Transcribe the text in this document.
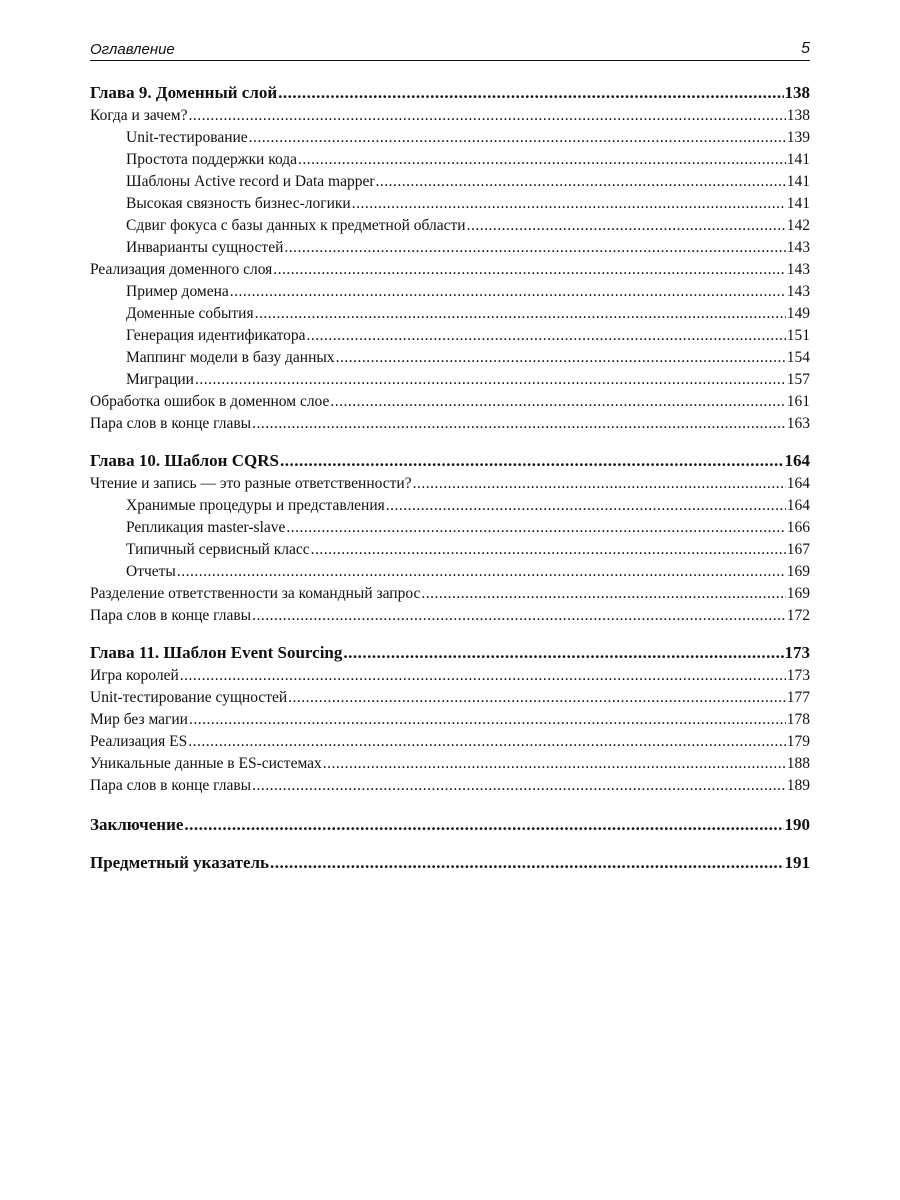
Оглавление	5
Глава 9. Доменный слой .....	138
Когда и зачем? .....	138
Unit-тестирование .....	139
Простота поддержки кода .....	141
Шаблоны Active record и Data mapper .....	141
Высокая связность бизнес-логики .....	141
Сдвиг фокуса с базы данных к предметной области .....	142
Инварианты сущностей .....	143
Реализация доменного слоя .....	143
Пример домена .....	143
Доменные события .....	149
Генерация идентификатора .....	151
Маппинг модели в базу данных .....	154
Миграции .....	157
Обработка ошибок в доменном слое .....	161
Пара слов в конце главы .....	163
Глава 10. Шаблон CQRS .....	164
Чтение и запись — это разные ответственности? .....	164
Хранимые процедуры и представления .....	164
Репликация master-slave .....	166
Типичный сервисный класс .....	167
Отчеты .....	169
Разделение ответственности за командный запрос .....	169
Пара слов в конце главы .....	172
Глава 11. Шаблон Event Sourcing .....	173
Игра королей .....	173
Unit-тестирование сущностей .....	177
Мир без магии .....	178
Реализация ES .....	179
Уникальные данные в ES-системах .....	188
Пара слов в конце главы .....	189
Заключение .....	190
Предметный указатель .....	191
